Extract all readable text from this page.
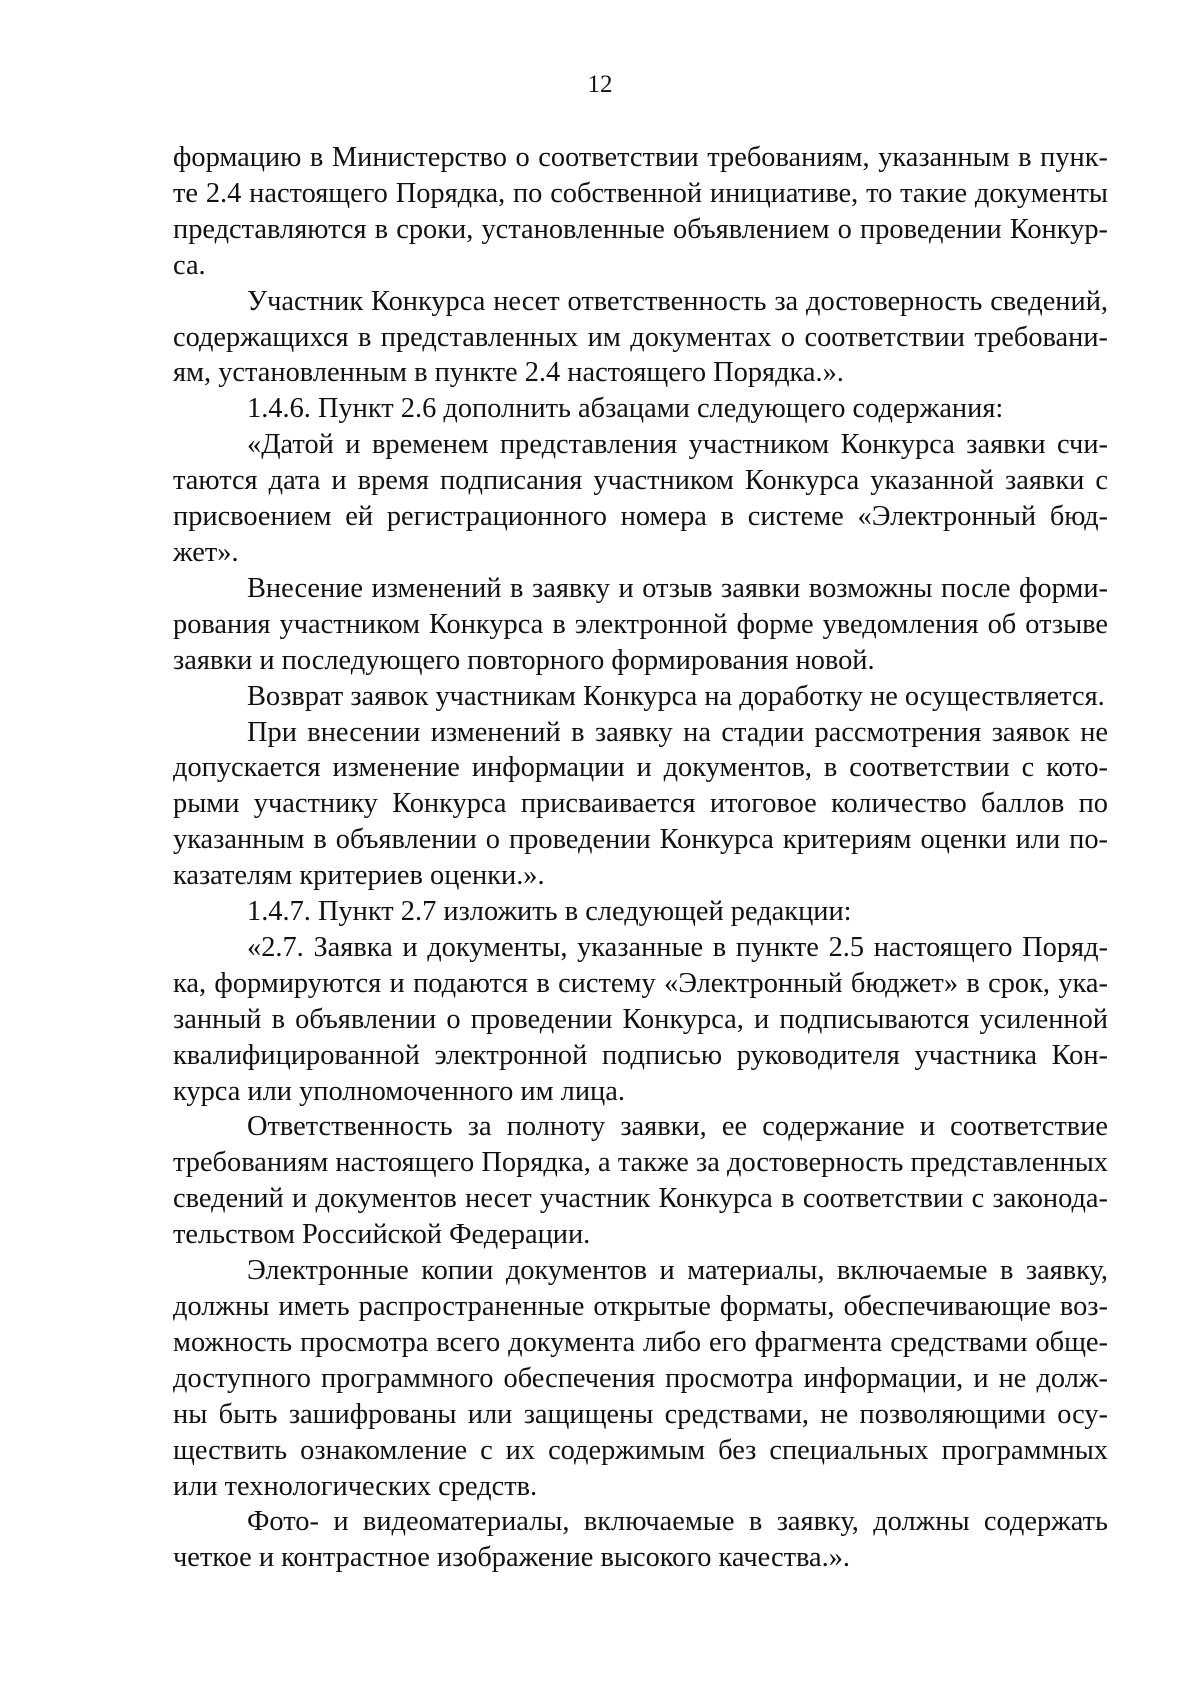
12

формацию в Министерство о соответствии требованиям, указанным в пункте 2.4 настоящего Порядка, по собственной инициативе, то такие документы представляются в сроки, установленные объявлением о проведении Конкурса.

Участник Конкурса несет ответственность за достоверность сведений, содержащихся в представленных им документах о соответствии требованиям, установленным в пункте 2.4 настоящего Порядка.».

1.4.6. Пункт 2.6 дополнить абзацами следующего содержания:

«Датой и временем представления участником Конкурса заявки считаются дата и время подписания участником Конкурса указанной заявки с присвоением ей регистрационного номера в системе «Электронный бюджет».

Внесение изменений в заявку и отзыв заявки возможны после формирования участником Конкурса в электронной форме уведомления об отзыве заявки и последующего повторного формирования новой.

Возврат заявок участникам Конкурса на доработку не осуществляется.

При внесении изменений в заявку на стадии рассмотрения заявок не допускается изменение информации и документов, в соответствии с которыми участнику Конкурса присваивается итоговое количество баллов по указанным в объявлении о проведении Конкурса критериям оценки или показателям критериев оценки.».

1.4.7. Пункт 2.7 изложить в следующей редакции:

«2.7. Заявка и документы, указанные в пункте 2.5 настоящего Порядка, формируются и подаются в систему «Электронный бюджет» в срок, указанный в объявлении о проведении Конкурса, и подписываются усиленной квалифицированной электронной подписью руководителя участника Конкурса или уполномоченного им лица.

Ответственность за полноту заявки, ее содержание и соответствие требованиям настоящего Порядка, а также за достоверность представленных сведений и документов несет участник Конкурса в соответствии с законодательством Российской Федерации.

Электронные копии документов и материалы, включаемые в заявку, должны иметь распространенные открытые форматы, обеспечивающие возможность просмотра всего документа либо его фрагмента средствами общедоступного программного обеспечения просмотра информации, и не должны быть зашифрованы или защищены средствами, не позволяющими осуществить ознакомление с их содержимым без специальных программных или технологических средств.

Фото- и видеоматериалы, включаемые в заявку, должны содержать четкое и контрастное изображение высокого качества.».
